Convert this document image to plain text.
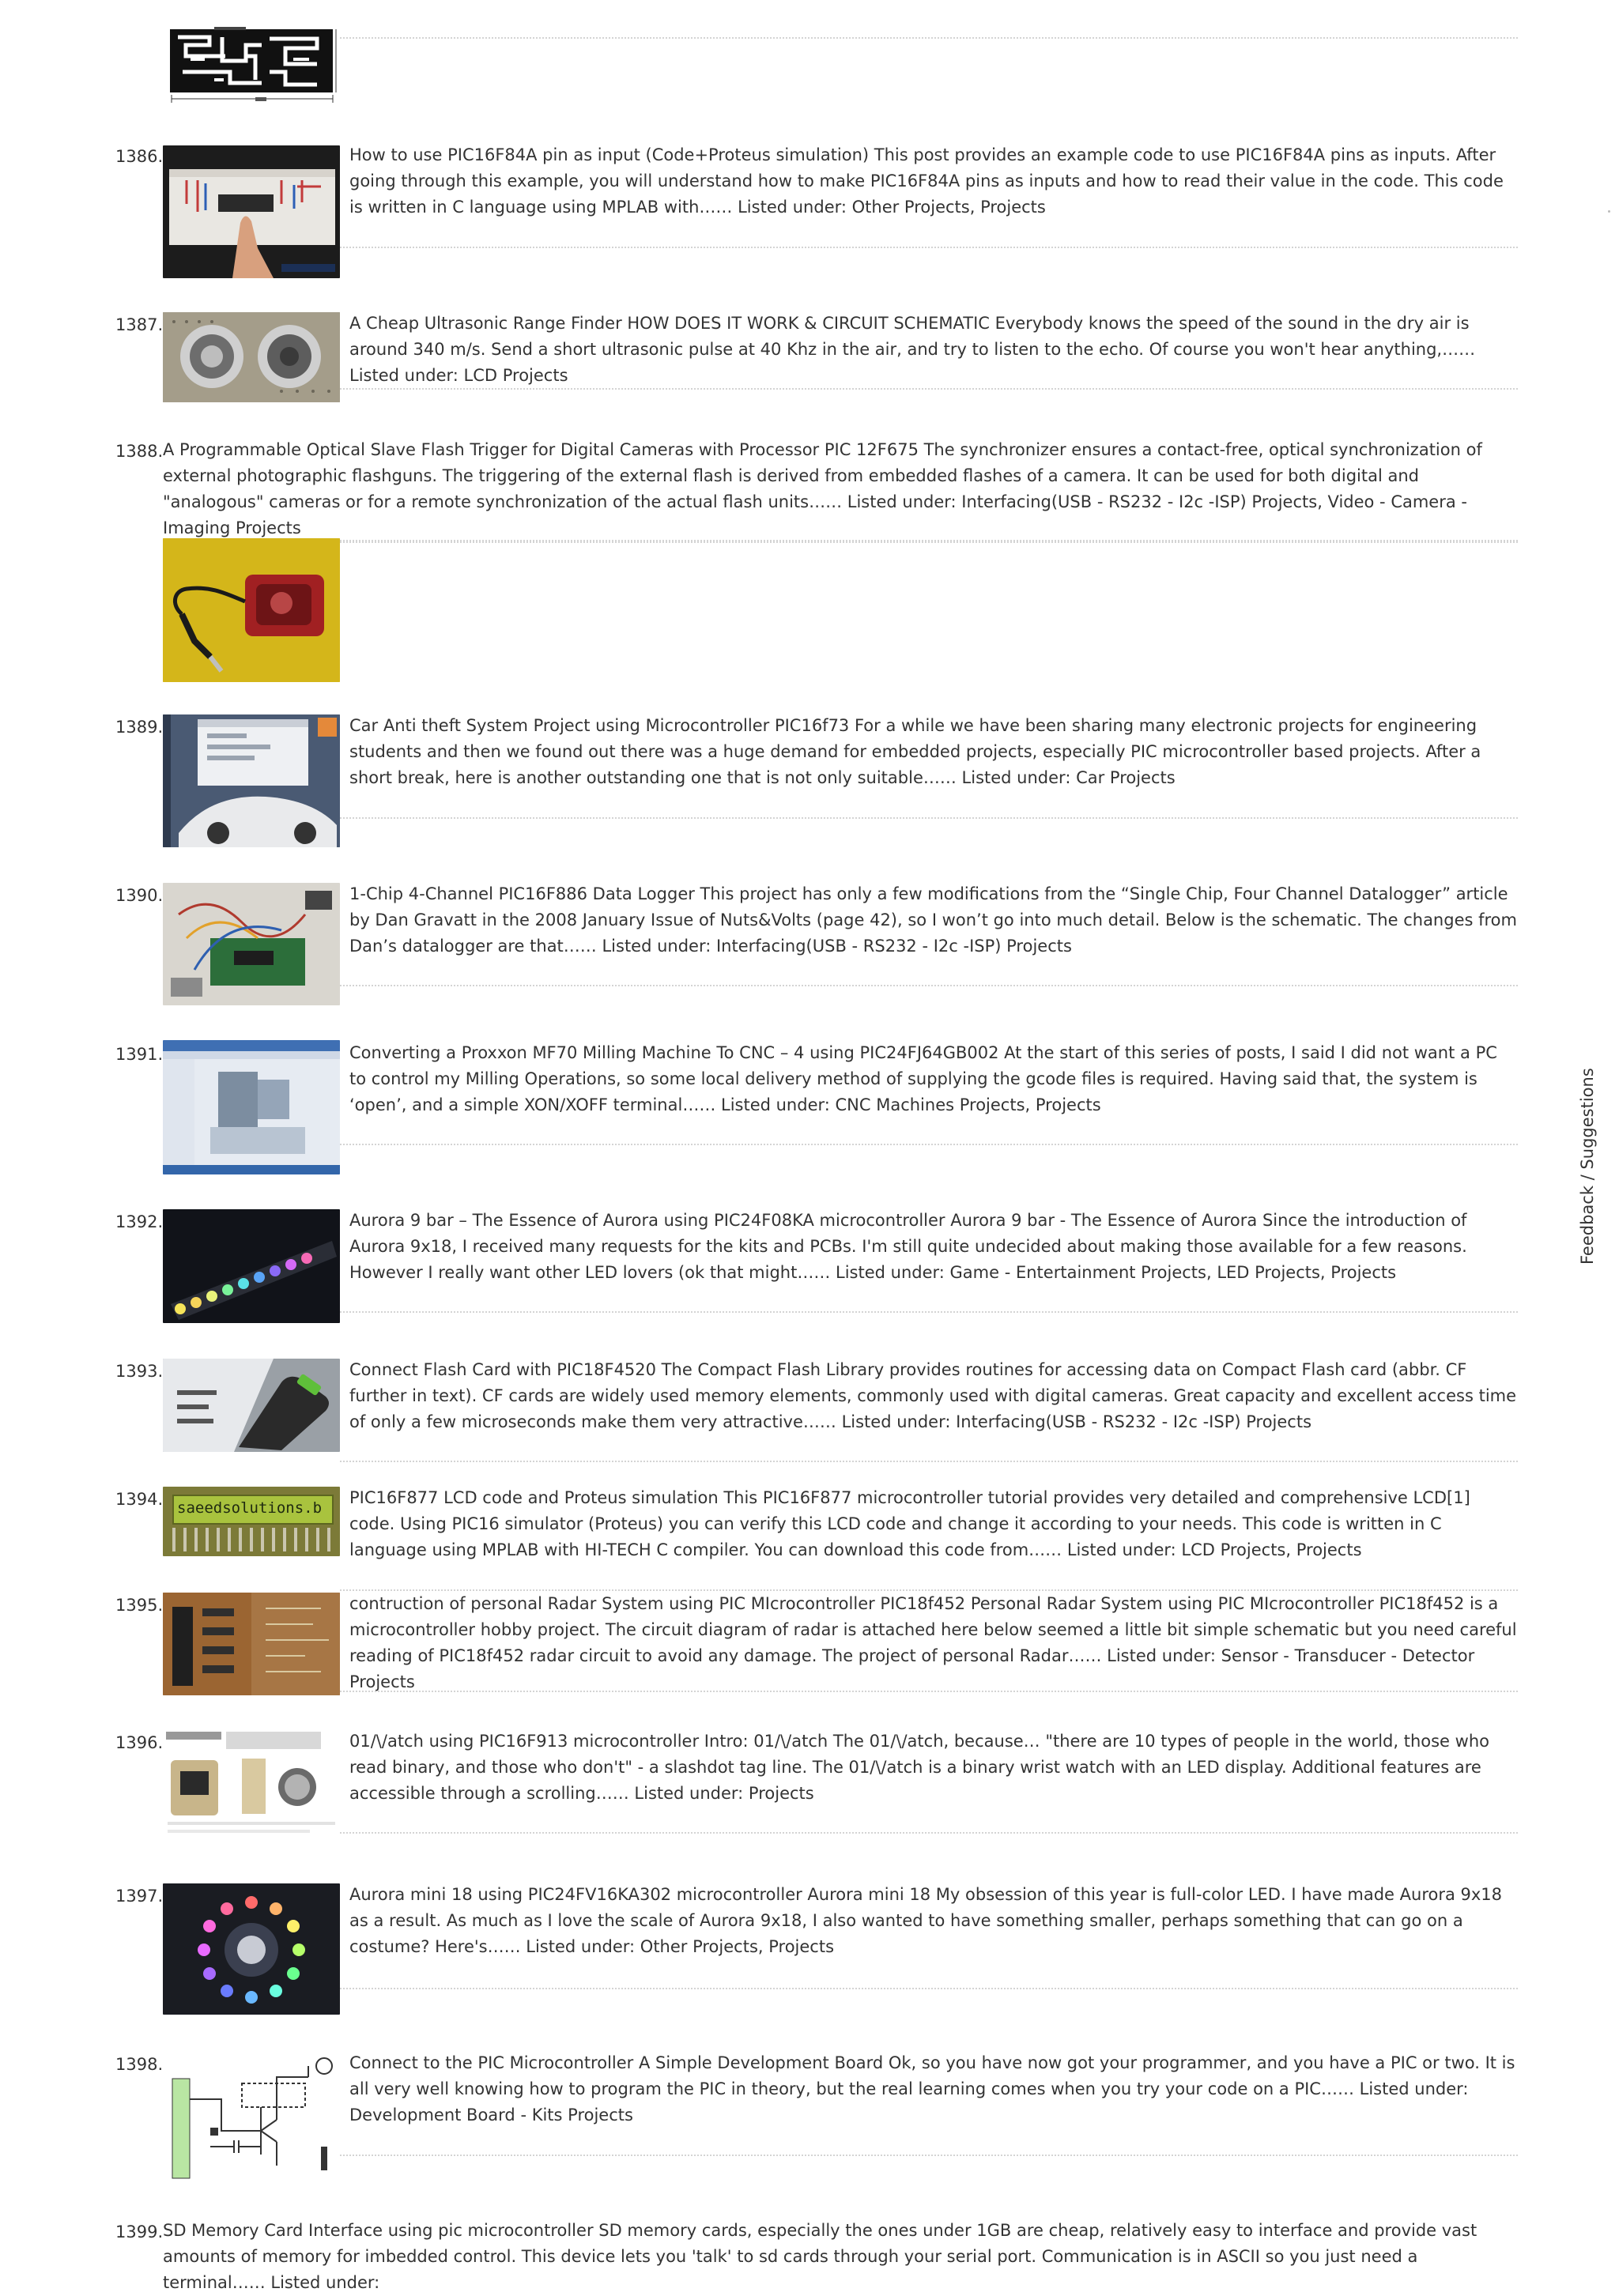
1386.	How to use PIC16F84A pin as input (Code+Proteus simulation) This post provides an example code to use PIC16F84A pins as inputs. After going through this example, you will understand how to make PIC16F84A pins as inputs and how to read their value in the code. This code is written in C language using MPLAB with…… Listed under: Other Projects, Projects
1387.	A Cheap Ultrasonic Range Finder HOW DOES IT WORK & CIRCUIT SCHEMATIC Everybody knows the speed of the sound in the dry air is around 340 m/s. Send a short ultrasonic pulse at 40 Khz in the air, and try to listen to the echo. Of course you won't hear anything,…… Listed under: LCD Projects
1388. A Programmable Optical Slave Flash Trigger for Digital Cameras with Processor PIC 12F675 The synchronizer ensures a contact-free, optical synchronization of external photographic flashguns. The triggering of the external flash is derived from embedded flashes of a camera. It can be used for both digital and "analogous" cameras or for a remote synchronization of the actual flash units…… Listed under: Interfacing(USB - RS232 - I2c -ISP) Projects, Video - Camera - Imaging Projects
1389.	Car Anti theft System Project using Microcontroller PIC16f73 For a while we have been sharing many electronic projects for engineering students and then we found out there was a huge demand for embedded projects, especially PIC microcontroller based projects. After a short break, here is another outstanding one that is not only suitable…… Listed under: Car Projects
1390.	1-Chip 4-Channel PIC16F886 Data Logger This project has only a few modifications from the “Single Chip, Four Channel Datalogger” article by Dan Gravatt in the 2008 January Issue of Nuts&Volts (page 42), so I won’t go into much detail. Below is the schematic. The changes from Dan’s datalogger are that…… Listed under: Interfacing(USB - RS232 - I2c -ISP) Projects
1391.	Converting a Proxxon MF70 Milling Machine To CNC – 4 using PIC24FJ64GB002 At the start of this series of posts, I said I did not want a PC to control my Milling Operations, so some local delivery method of supplying the gcode files is required. Having said that, the system is ‘open’, and a simple XON/XOFF terminal…… Listed under: CNC Machines Projects, Projects
1392.	Aurora 9 bar – The Essence of Aurora using PIC24F08KA microcontroller Aurora 9 bar - The Essence of Aurora Since the introduction of Aurora 9x18, I received many requests for the kits and PCBs. I'm still quite undecided about making those available for a few reasons. However I really want other LED lovers (ok that might…… Listed under: Game - Entertainment Projects, LED Projects, Projects
1393.	Connect Flash Card with PIC18F4520 The Compact Flash Library provides routines for accessing data on Compact Flash card (abbr. CF further in text). CF cards are widely used memory elements, commonly used with digital cameras. Great capacity and excellent access time of only a few microseconds make them very attractive…… Listed under: Interfacing(USB - RS232 - I2c -ISP) Projects
1394. saeedsolutions.b
PIC16F877 LCD code and Proteus simulation This PIC16F877 microcontroller tutorial provides very detailed and comprehensive LCD[1] code. Using PIC16 simulator (Proteus) you can verify this LCD code and change it according to your needs. This code is written in C language using MPLAB with HI-TECH C compiler. You can download this code from…… Listed under: LCD Projects, Projects
1395.	contruction of personal Radar System using PIC MIcrocontroller PIC18f452 Personal Radar System using PIC MIcrocontroller PIC18f452 is a microcontroller hobby project. The circuit diagram of radar is attached here below seemed a little bit simple schematic but you need careful reading of PIC18f452 radar circuit to avoid any damage. The project of personal Radar…… Listed under: Sensor - Transducer - Detector Projects
1396.	01/\/atch using PIC16F913 microcontroller Intro: 01/\/atch The 01/\/atch, because… "there are 10 types of people in the world, those who read binary, and those who don't" - a slashdot tag line. The 01/\/atch is a binary wrist watch with an LED display. Additional features are accessible through a scrolling…… Listed under: Projects
1397.	Aurora mini 18 using PIC24FV16KA302 microcontroller Aurora mini 18 My obsession of this year is full-color LED. I have made Aurora 9x18 as a result. As much as I love the scale of Aurora 9x18, I also wanted to have something smaller, perhaps something that can go on a costume? Here's…… Listed under: Other Projects, Projects
1398.	Connect to the PIC Microcontroller A Simple Development Board Ok, so you have now got your programmer, and you have a PIC or two. It is all very well knowing how to program the PIC in theory, but the real learning comes when you try your code on a PIC…… Listed under: Development Board - Kits Projects
1399. SD Memory Card Interface using pic microcontroller SD memory cards, especially the ones under 1GB are cheap, relatively easy to interface and provide vast amounts of memory for imbedded control. This device lets you 'talk' to sd cards through your serial port. Communication is in ASCII so you just need a terminal…… Listed under:
Feedback / Suggestions
